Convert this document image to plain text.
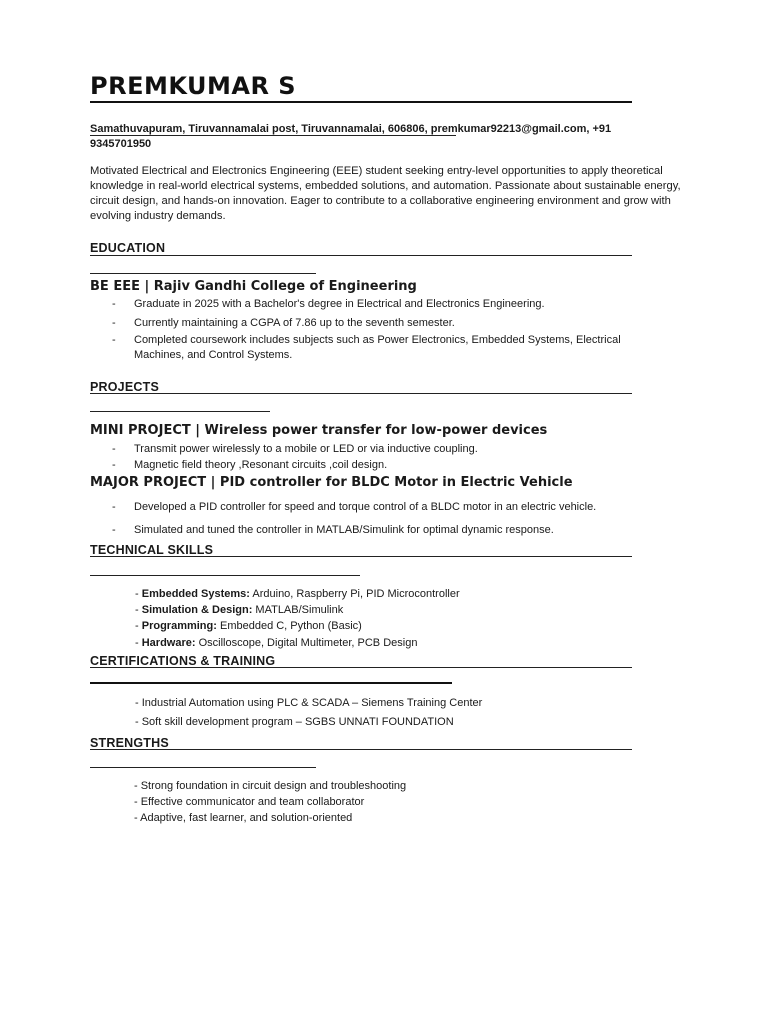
PREMKUMAR S
Samathuvapuram, Tiruvannamalai post, Tiruvannamalai, 606806, premkumar92213@gmail.com, +91
9345701950
Motivated Electrical and Electronics Engineering (EEE) student seeking entry-level opportunities to apply theoretical knowledge in real-world electrical systems, embedded solutions, and automation. Passionate about sustainable energy, circuit design, and hands-on innovation. Eager to contribute to a collaborative engineering environment and grow with evolving industry demands.
EDUCATION
BE EEE | Rajiv Gandhi College of Engineering
- Graduate in 2025 with a Bachelor's degree in Electrical and Electronics Engineering.
- Currently maintaining a CGPA of 7.86 up to the seventh semester.
- Completed coursework includes subjects such as Power Electronics, Embedded Systems, Electrical Machines, and Control Systems.
PROJECTS
MINI PROJECT | Wireless power transfer for low-power devices
- Transmit power wirelessly to a mobile or LED or via inductive coupling.
- Magnetic field theory ,Resonant circuits ,coil design.
MAJOR PROJECT | PID controller for BLDC Motor in Electric Vehicle
- Developed a PID controller for speed and torque control of a BLDC motor in an electric vehicle.
- Simulated and tuned the controller in MATLAB/Simulink for optimal dynamic response.
TECHNICAL SKILLS
- Embedded Systems: Arduino, Raspberry Pi, PID Microcontroller
- Simulation & Design: MATLAB/Simulink
- Programming: Embedded C, Python (Basic)
- Hardware: Oscilloscope, Digital Multimeter, PCB Design
CERTIFICATIONS & TRAINING
- Industrial Automation using PLC & SCADA – Siemens Training Center
- Soft skill development program – SGBS UNNATI FOUNDATION
STRENGTHS
- Strong foundation in circuit design and troubleshooting
- Effective communicator and team collaborator
- Adaptive, fast learner, and solution-oriented
